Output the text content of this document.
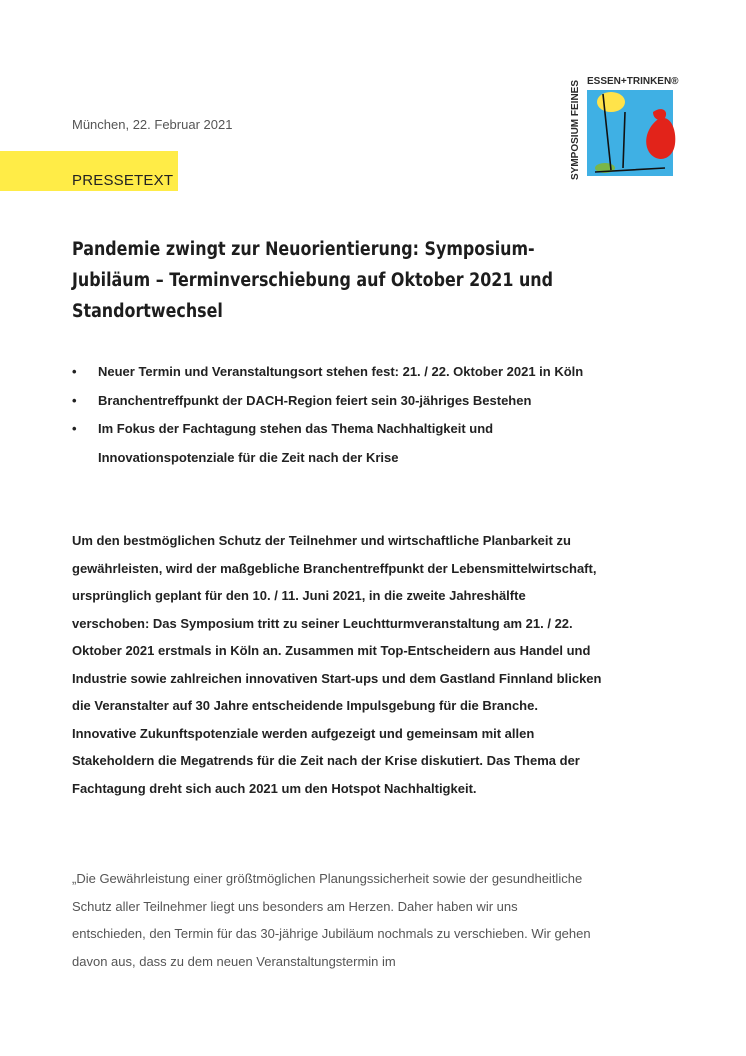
München, 22. Februar 2021
PRESSETEXT
SYMPOSIUM FEINES ESSEN+TRINKEN®
Pandemie zwingt zur Neuorientierung: Symposium-Jubiläum – Terminverschiebung auf Oktober 2021 und Standortwechsel
• Neuer Termin und Veranstaltungsort stehen fest: 21. / 22. Oktober 2021 in Köln
• Branchentreffpunkt der DACH-Region feiert sein 30-jähriges Bestehen
• Im Fokus der Fachtagung stehen das Thema Nachhaltigkeit und Innovationspotenziale für die Zeit nach der Krise

Um den bestmöglichen Schutz der Teilnehmer und wirtschaftliche Planbarkeit zu gewährleisten, wird der maßgebliche Branchentreffpunkt der Lebensmittelwirtschaft, ursprünglich geplant für den 10. / 11. Juni 2021, in die zweite Jahreshälfte verschoben: Das Symposium tritt zu seiner Leuchtturmveranstaltung am 21. / 22. Oktober 2021 erstmals in Köln an. Zusammen mit Top-Entscheidern aus Handel und Industrie sowie zahlreichen innovativen Start-ups und dem Gastland Finnland blicken die Veranstalter auf 30 Jahre entscheidende Impulsgebung für die Branche. Innovative Zukunftspotenziale werden aufgezeigt und gemeinsam mit allen Stakeholdern die Megatrends für die Zeit nach der Krise diskutiert. Das Thema der Fachtagung dreht sich auch 2021 um den Hotspot Nachhaltigkeit.

„Die Gewährleistung einer größtmöglichen Planungssicherheit sowie der gesundheitliche Schutz aller Teilnehmer liegt uns besonders am Herzen. Daher haben wir uns entschieden, den Termin für das 30-jährige Jubiläum nochmals zu verschieben. Wir gehen davon aus, dass zu dem neuen Veranstaltungstermin im
